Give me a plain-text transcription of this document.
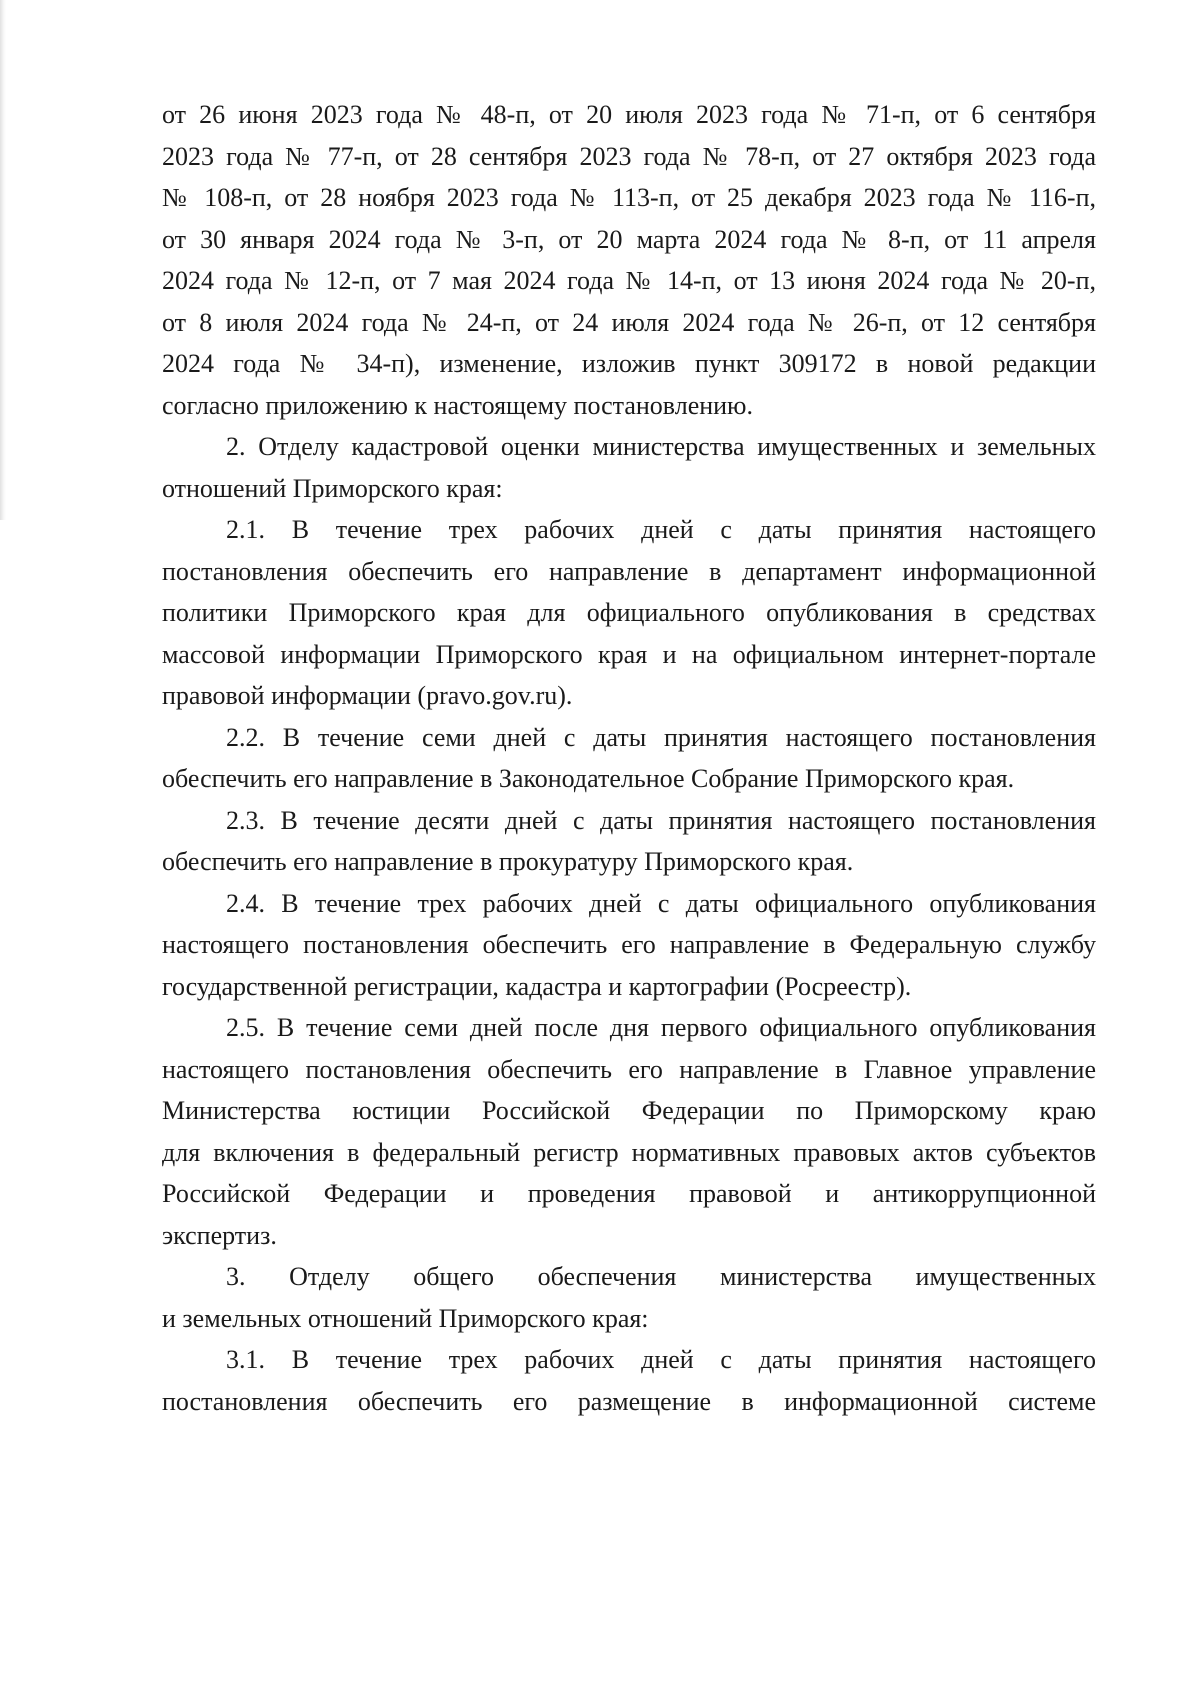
от 26 июня 2023 года № 48-п, от 20 июля 2023 года № 71-п, от 6 сентября
2023 года № 77-п, от 28 сентября 2023 года № 78-п, от 27 октября 2023 года
№ 108-п, от 28 ноября 2023 года № 113-п, от 25 декабря 2023 года № 116-п,
от 30 января 2024 года № 3-п, от 20 марта 2024 года № 8-п, от 11 апреля
2024 года № 12-п, от 7 мая 2024 года № 14-п, от 13 июня 2024 года № 20-п,
от 8 июля 2024 года № 24-п, от 24 июля 2024 года № 26-п, от 12 сентября
2024 года № 34-п), изменение, изложив пункт 309172 в новой редакции
согласно приложению к настоящему постановлению.
2. Отделу кадастровой оценки министерства имущественных и земельных
отношений Приморского края:
2.1. В течение трех рабочих дней с даты принятия настоящего
постановления обеспечить его направление в департамент информационной
политики Приморского края для официального опубликования в средствах
массовой информации Приморского края и на официальном интернет-портале
правовой информации (pravo.gov.ru).
2.2. В течение семи дней с даты принятия настоящего постановления
обеспечить его направление в Законодательное Собрание Приморского края.
2.3. В течение десяти дней с даты принятия настоящего постановления
обеспечить его направление в прокуратуру Приморского края.
2.4. В течение трех рабочих дней с даты официального опубликования
настоящего постановления обеспечить его направление в Федеральную службу
государственной регистрации, кадастра и картографии (Росреестр).
2.5. В течение семи дней после дня первого официального опубликования
настоящего постановления обеспечить его направление в Главное управление
Министерства юстиции Российской Федерации по Приморскому краю
для включения в федеральный регистр нормативных правовых актов субъектов
Российской Федерации и проведения правовой и антикоррупционной
экспертиз.
3. Отделу общего обеспечения министерства имущественных
и земельных отношений Приморского края:
3.1. В течение трех рабочих дней с даты принятия настоящего
постановления обеспечить его размещение в информационной системе
